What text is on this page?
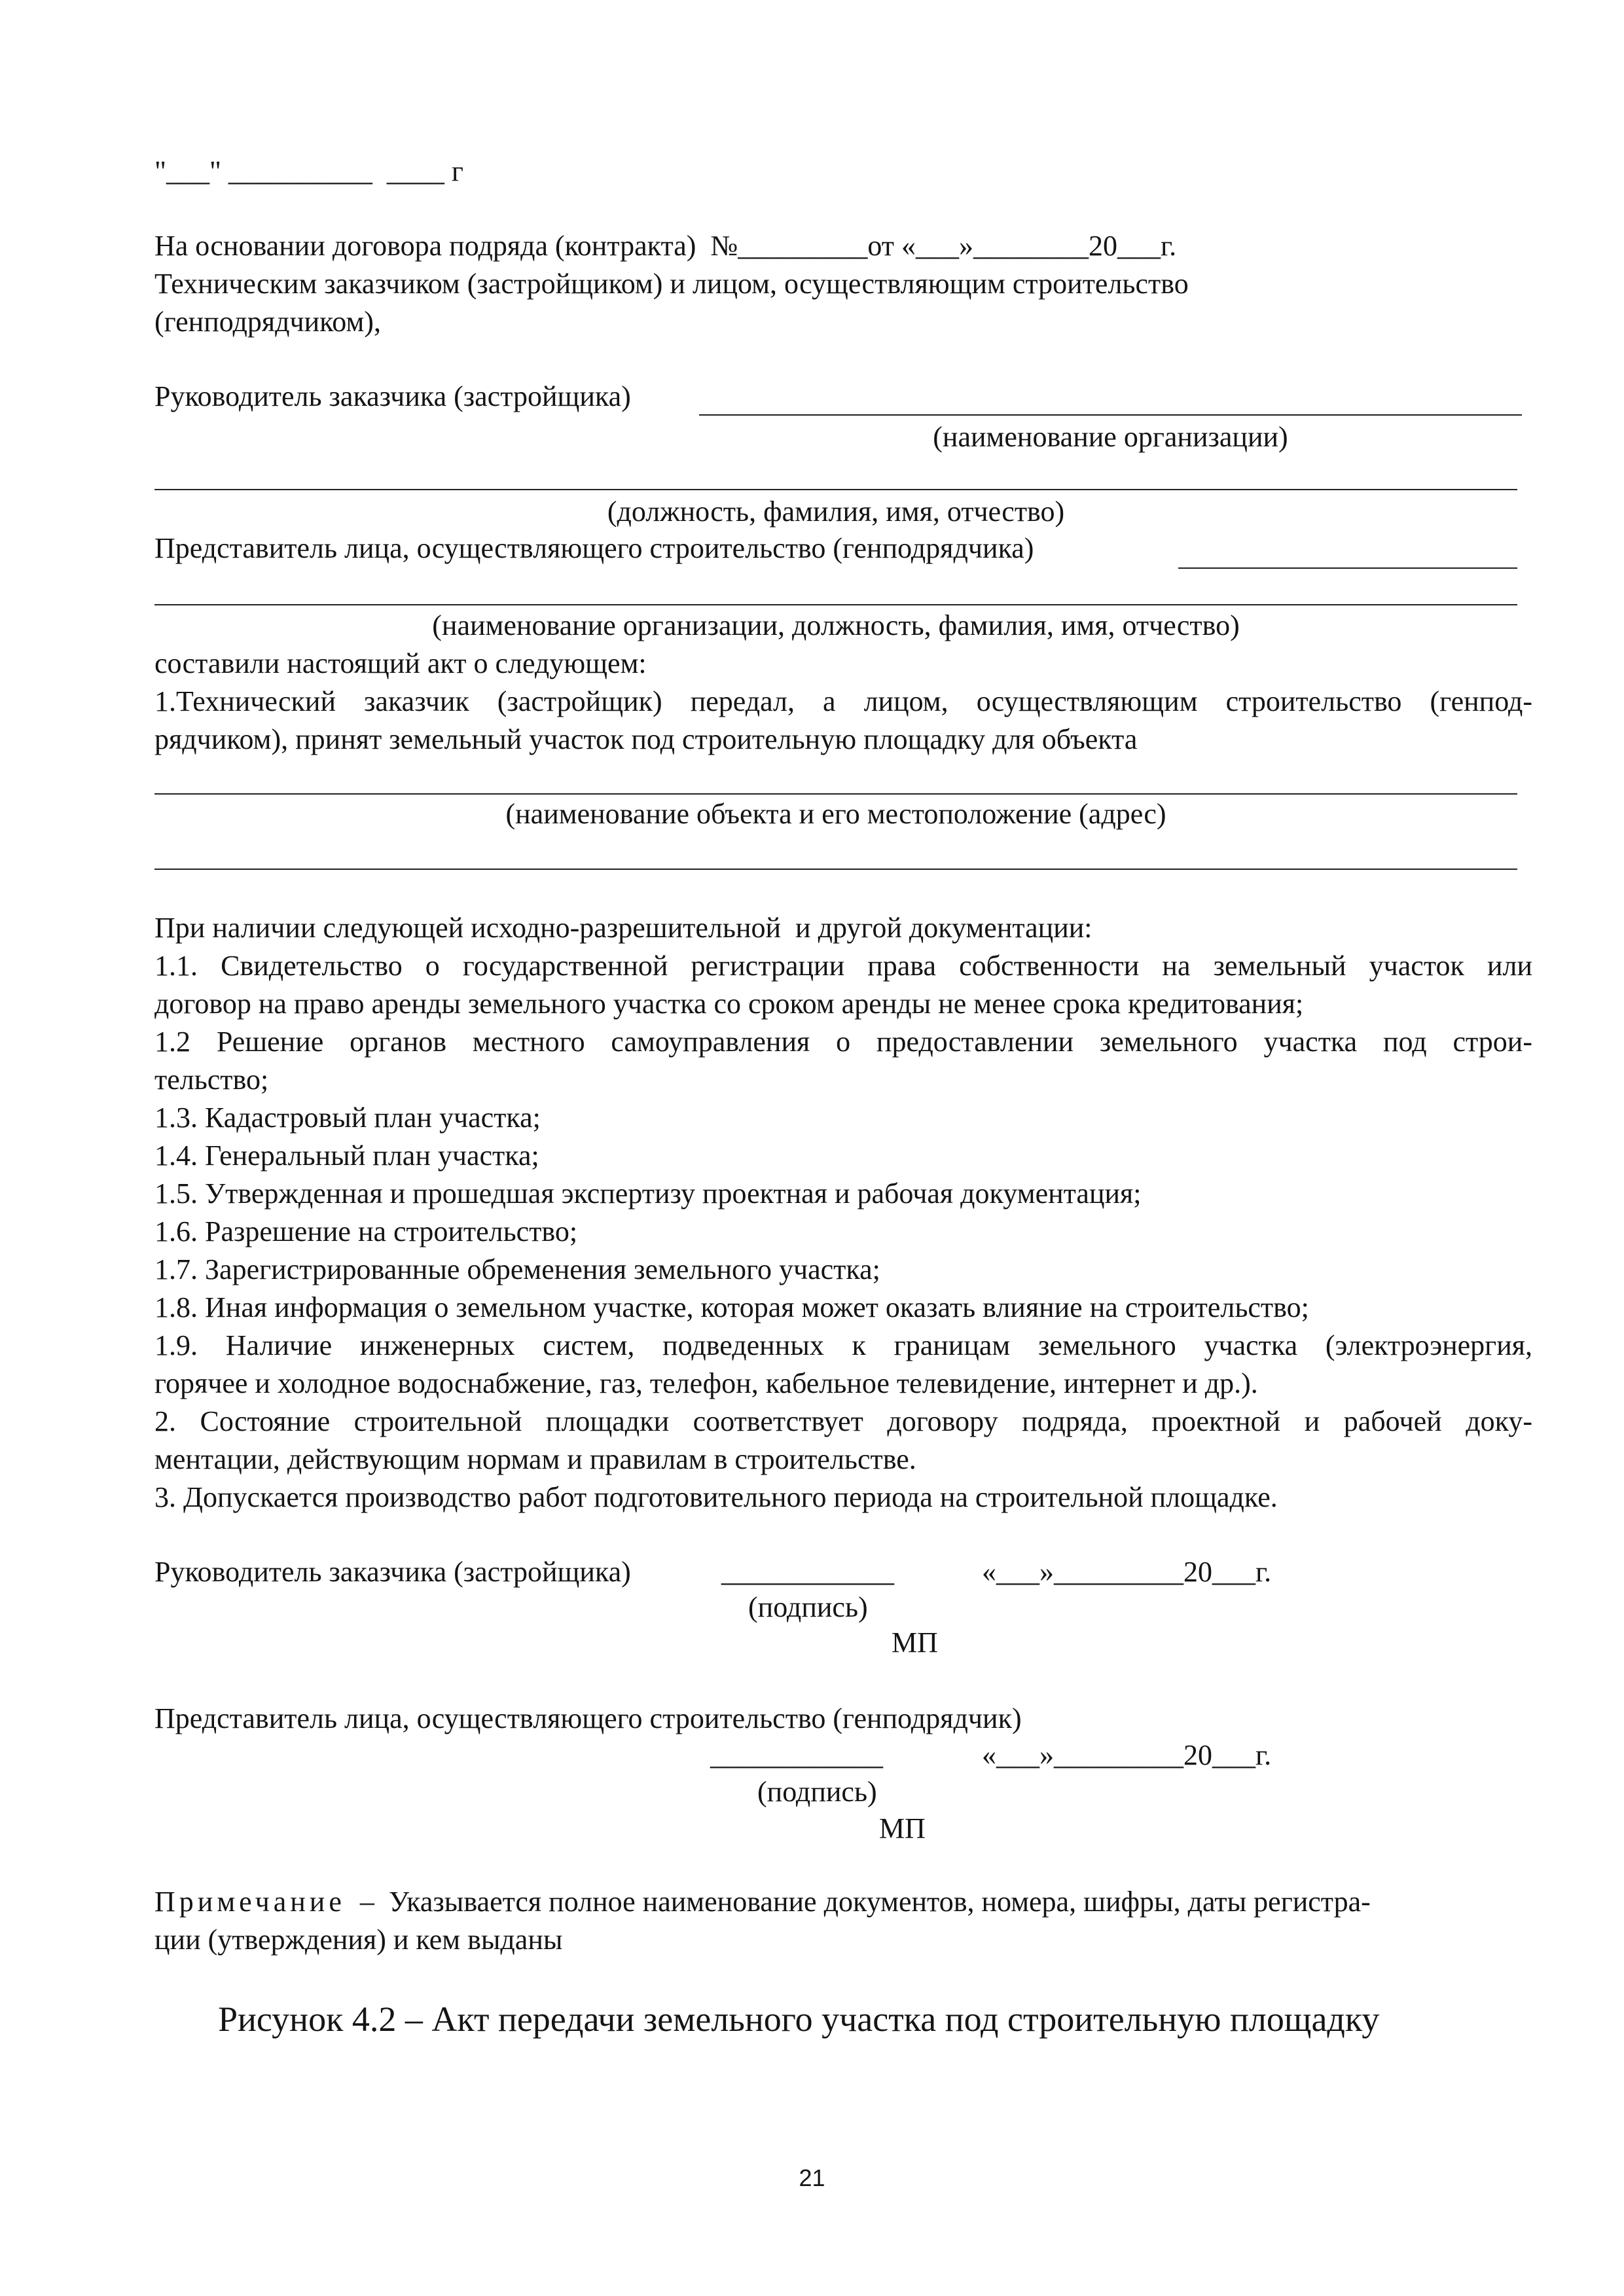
"___" __________  ____ г
На основании договора подряда (контракта)  №_________от «___»________20___г.
Техническим заказчиком (застройщиком) и лицом, осуществляющим строительство
(генподрядчиком),
Руководитель заказчика (застройщика)
(наименование организации)
(должность, фамилия, имя, отчество)
Представитель лица, осуществляющего строительство (генподрядчика)
(наименование организации, должность, фамилия, имя, отчество)
составили настоящий акт о следующем:
1.Технический заказчик (застройщик) передал, а лицом, осуществляющим строительство (генпод-
рядчиком), принят земельный участок под строительную площадку для объекта
(наименование объекта и его местоположение (адрес)
При наличии следующей исходно-разрешительной  и другой документации:
1.1. Свидетельство о государственной регистрации права собственности на земельный участок или
договор на право аренды земельного участка со сроком аренды не менее срока кредитования;
1.2 Решение органов местного самоуправления о предоставлении земельного участка под строи-
тельство;
1.3. Кадастровый план участка;
1.4. Генеральный план участка;
1.5. Утвержденная и прошедшая экспертизу проектная и рабочая документация;
1.6. Разрешение на строительство;
1.7. Зарегистрированные обременения земельного участка;
1.8. Иная информация о земельном участке, которая может оказать влияние на строительство;
1.9. Наличие инженерных систем, подведенных к границам земельного участка (электроэнергия,
горячее и холодное водоснабжение, газ, телефон, кабельное телевидение, интернет и др.).
2. Состояние строительной площадки соответствует договору подряда, проектной и рабочей доку-
ментации, действующим нормам и правилам в строительстве.
3. Допускается производство работ подготовительного периода на строительной площадке.
Руководитель заказчика (застройщика)	____________	«___»_________20___г.
(подпись)
МП
Представитель лица, осуществляющего строительство (генподрядчик)
____________	«___»_________20___г.
(подпись)
МП
Примечание – Указывается полное наименование документов, номера, шифры, даты регистра-
ции (утверждения) и кем выданы
Рисунок 4.2 – Акт передачи земельного участка под строительную площадку
21
